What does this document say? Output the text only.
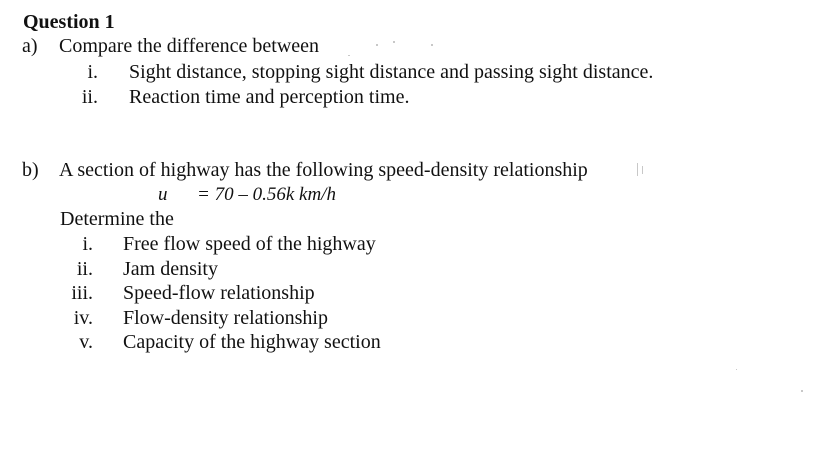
Question 1
a) Compare the difference between
i. Sight distance, stopping sight distance and passing sight distance.
ii. Reaction time and perception time.
b) A section of highway has the following speed-density relationship
u = 70 – 0.56k km/h
Determine the
i. Free flow speed of the highway
ii. Jam density
iii. Speed-flow relationship
iv. Flow-density relationship
v. Capacity of the highway section
